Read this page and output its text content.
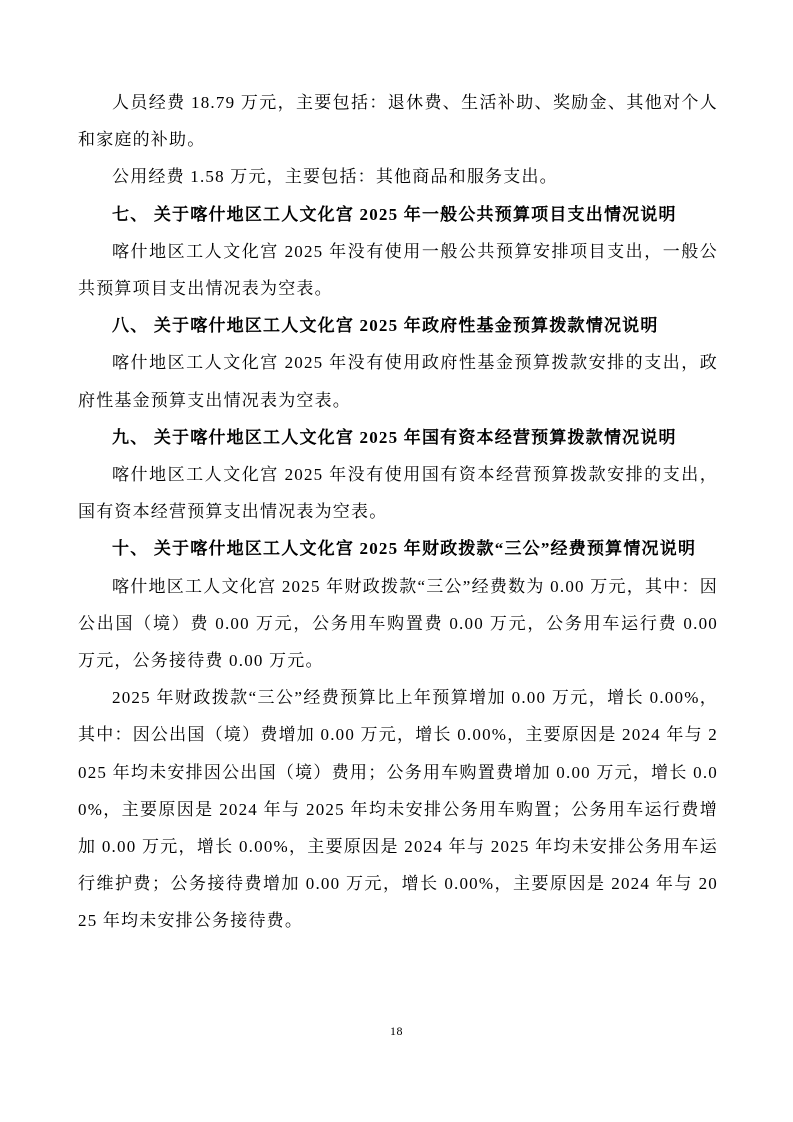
人员经费 18.79 万元，主要包括：退休费、生活补助、奖励金、其他对个人和家庭的补助。

公用经费 1.58 万元，主要包括：其他商品和服务支出。

七、 关于喀什地区工人文化宫 2025 年一般公共预算项目支出情况说明

喀什地区工人文化宫 2025 年没有使用一般公共预算安排项目支出，一般公共预算项目支出情况表为空表。

八、 关于喀什地区工人文化宫 2025 年政府性基金预算拨款情况说明

喀什地区工人文化宫 2025 年没有使用政府性基金预算拨款安排的支出，政府性基金预算支出情况表为空表。

九、 关于喀什地区工人文化宫 2025 年国有资本经营预算拨款情况说明

喀什地区工人文化宫 2025 年没有使用国有资本经营预算拨款安排的支出，国有资本经营预算支出情况表为空表。

十、 关于喀什地区工人文化宫 2025 年财政拨款“三公”经费预算情况说明

喀什地区工人文化宫 2025 年财政拨款“三公”经费数为 0.00 万元，其中：因公出国（境）费 0.00 万元，公务用车购置费 0.00 万元，公务用车运行费 0.00 万元，公务接待费 0.00 万元。

2025 年财政拨款“三公”经费预算比上年预算增加 0.00 万元，增长 0.00%，其中：因公出国（境）费增加 0.00 万元，增长 0.00%，主要原因是 2024 年与 2025 年均未安排因公出国（境）费用；公务用车购置费增加 0.00 万元，增长 0.00%，主要原因是 2024 年与 2025 年均未安排公务用车购置；公务用车运行费增加 0.00 万元，增长 0.00%，主要原因是 2024 年与 2025 年均未安排公务用车运行维护费；公务接待费增加 0.00 万元，增长 0.00%，主要原因是 2024 年与 2025 年均未安排公务接待费。

18
